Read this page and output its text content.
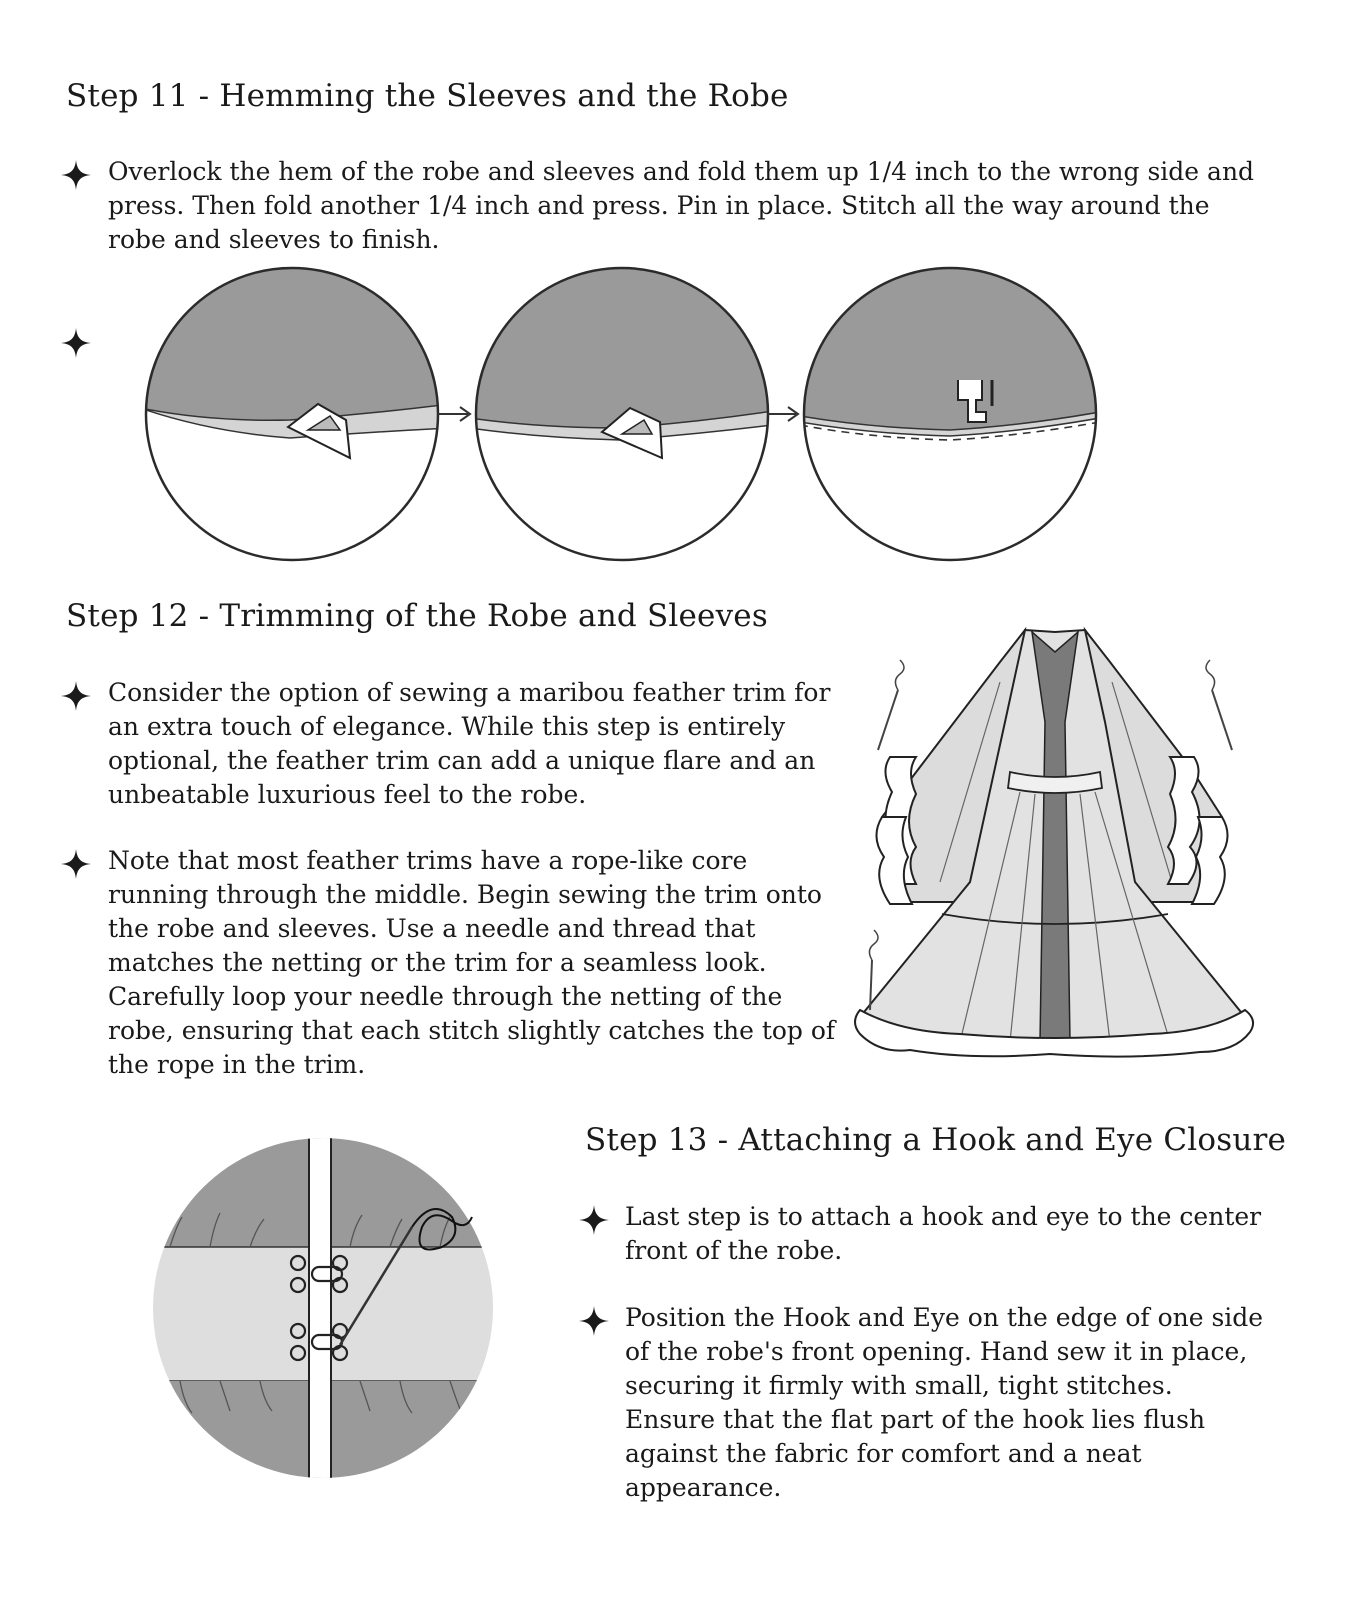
Step 11 - Hemming the Sleeves and the Robe
Overlock the hem of the robe and sleeves and fold them up 1/4 inch to the wrong side and press. Then fold another 1/4 inch and press. Pin in place. Stitch all the way around the robe and sleeves to finish.
Step 12 - Trimming of the Robe and Sleeves
Consider the option of sewing a maribou feather trim for an extra touch of elegance. While this step is entirely optional, the feather trim can add a unique flare and an unbeatable luxurious feel to the robe.
Note that most feather trims have a rope-like core running through the middle. Begin sewing the trim onto the robe and sleeves. Use a needle and thread that matches the netting or the trim for a seamless look. Carefully loop your needle through the netting of the robe, ensuring that each stitch slightly catches the top of the rope in the trim.
Step 13 - Attaching a Hook and Eye Closure
Last step is to attach a hook and eye to the center front of the robe.
Position the Hook and Eye on the edge of one side of the robe's front opening. Hand sew it in place, securing it firmly with small, tight stitches. Ensure that the flat part of the hook lies flush against the fabric for comfort and a neat appearance.
